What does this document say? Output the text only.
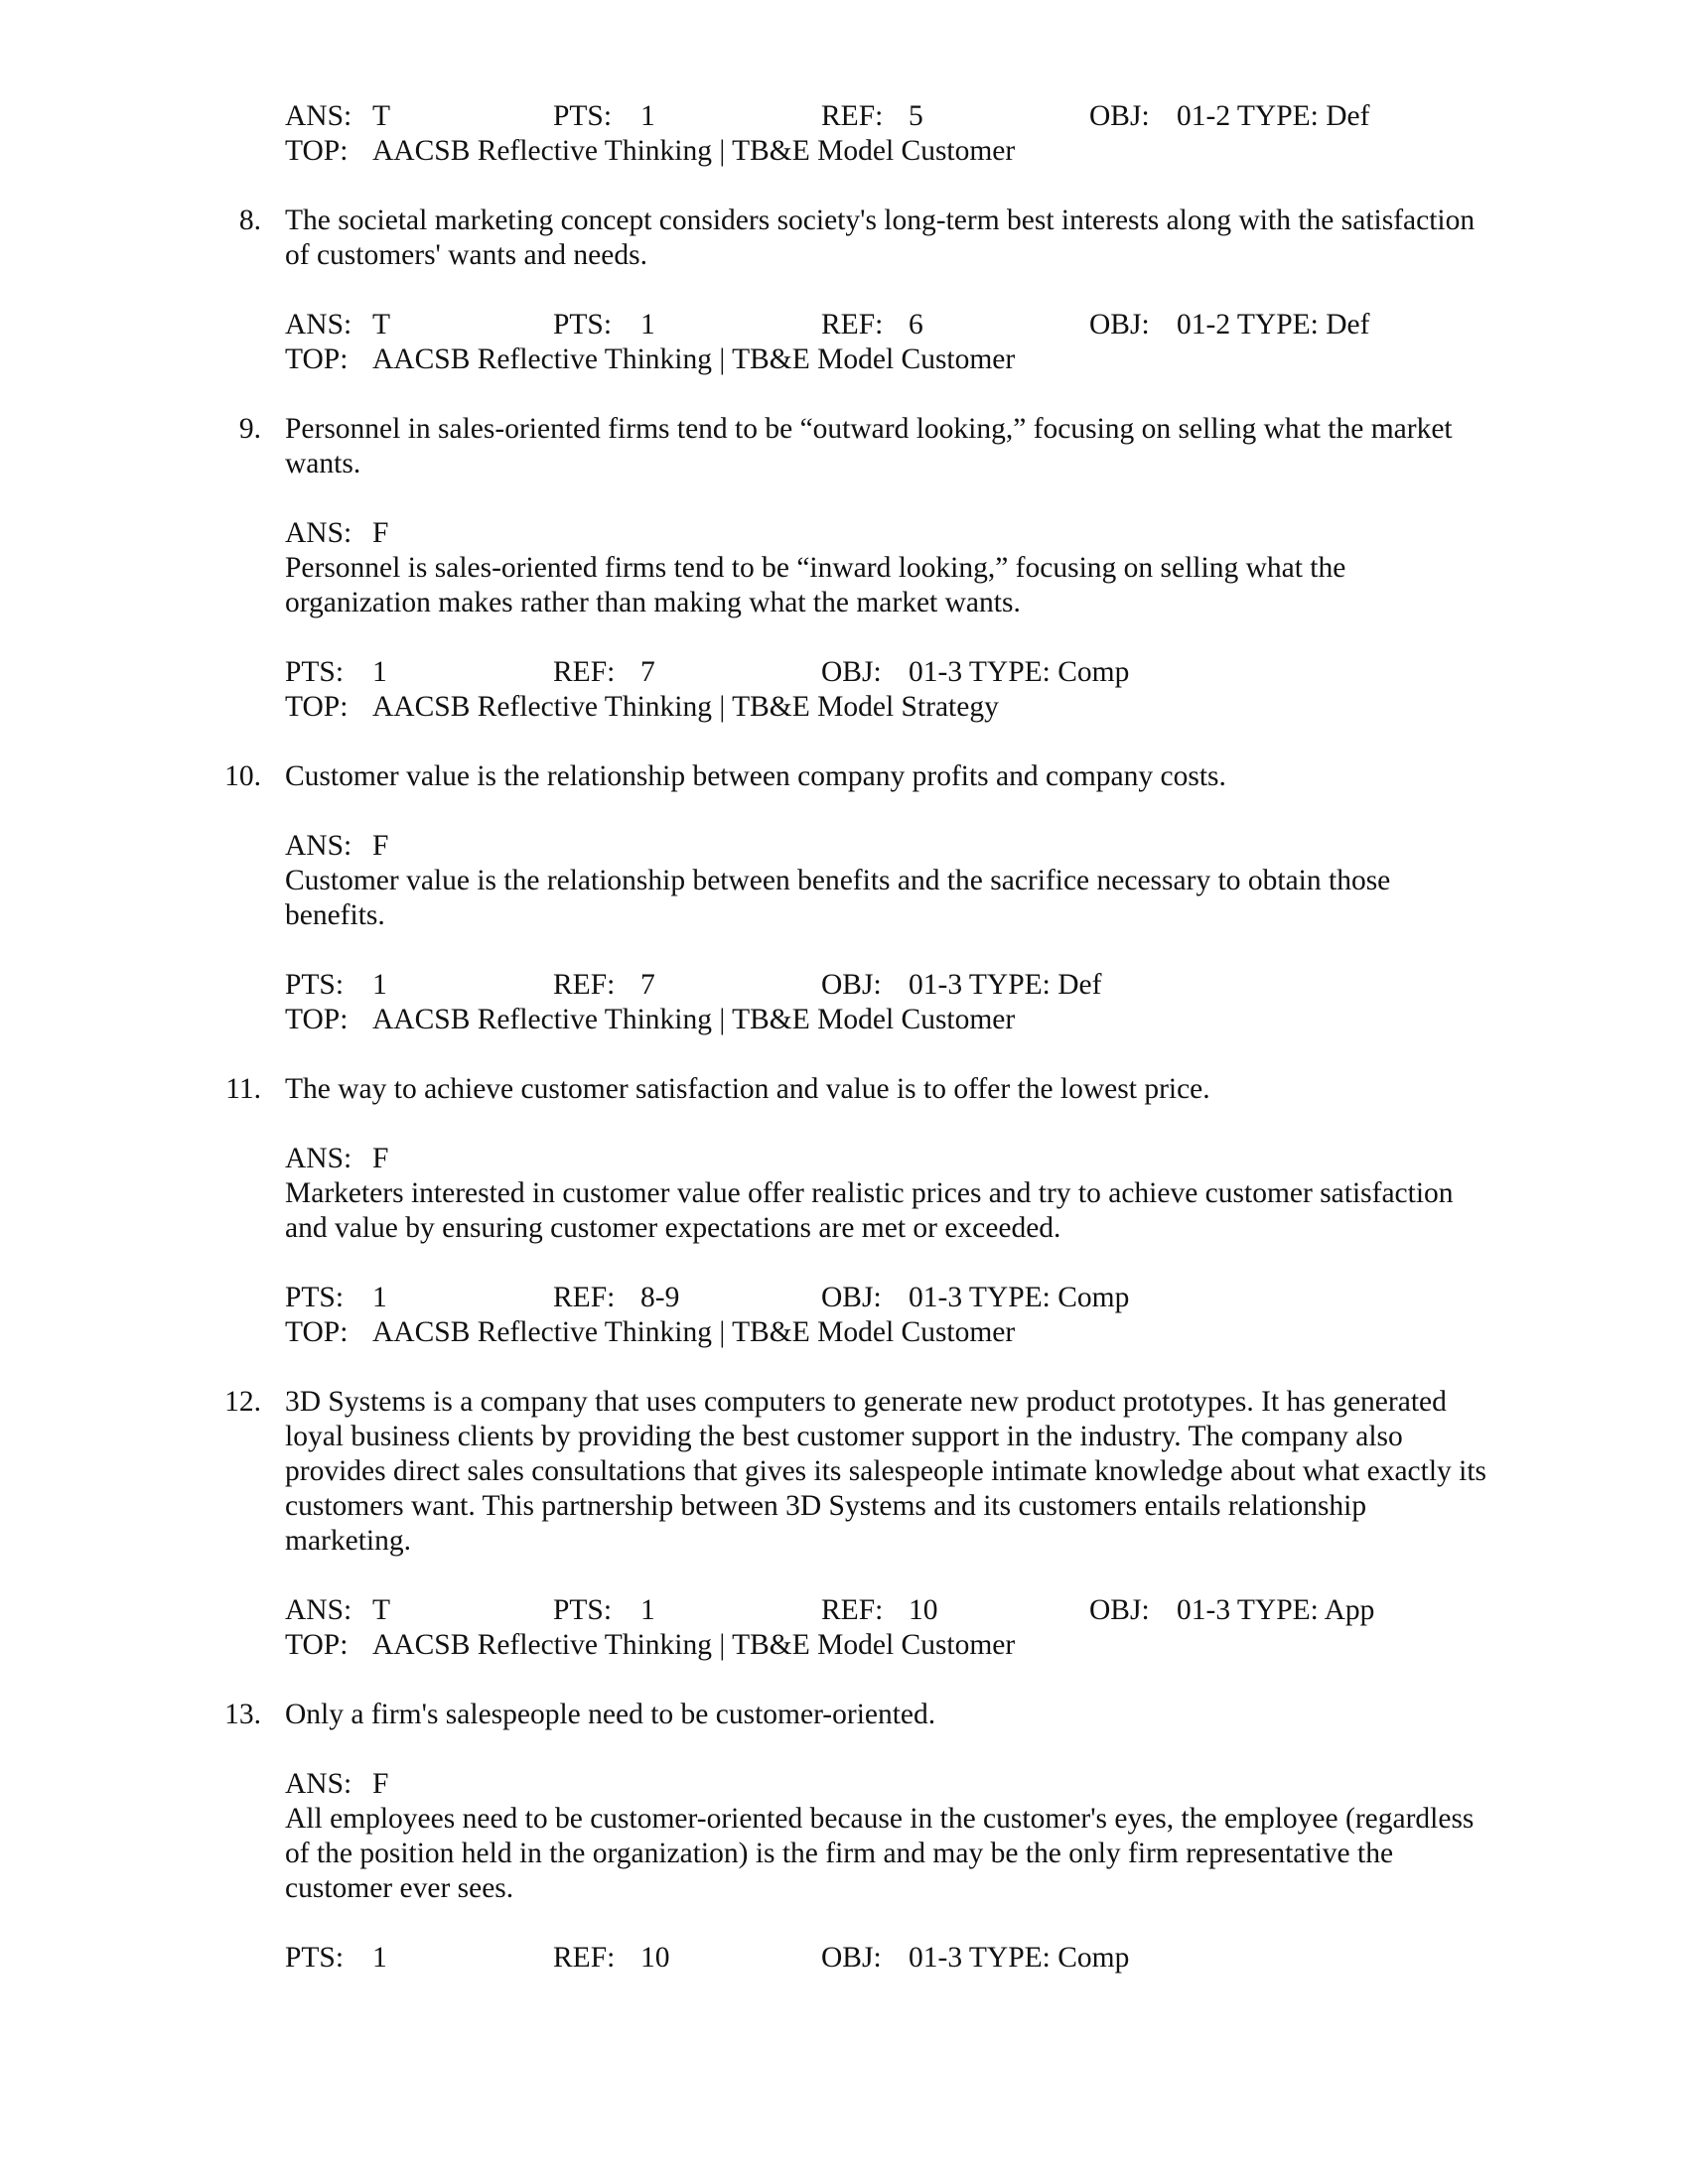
ANS: T	PTS: 1	REF: 5	OBJ: 01-2 TYPE: Def
TOP: AACSB Reflective Thinking | TB&E Model Customer
8. The societal marketing concept considers society's long-term best interests along with the satisfaction
of customers' wants and needs.
ANS: T	PTS: 1	REF: 6	OBJ: 01-2 TYPE: Def
TOP: AACSB Reflective Thinking | TB&E Model Customer
9. Personnel in sales-oriented firms tend to be “outward looking,” focusing on selling what the market
wants.
ANS: F
Personnel is sales-oriented firms tend to be “inward looking,” focusing on selling what the
organization makes rather than making what the market wants.
PTS: 1	REF: 7	OBJ: 01-3 TYPE: Comp
TOP: AACSB Reflective Thinking | TB&E Model Strategy
10. Customer value is the relationship between company profits and company costs.
ANS: F
Customer value is the relationship between benefits and the sacrifice necessary to obtain those
benefits.
PTS: 1	REF: 7	OBJ: 01-3 TYPE: Def
TOP: AACSB Reflective Thinking | TB&E Model Customer
11. The way to achieve customer satisfaction and value is to offer the lowest price.
ANS: F
Marketers interested in customer value offer realistic prices and try to achieve customer satisfaction
and value by ensuring customer expectations are met or exceeded.
PTS: 1	REF: 8-9	OBJ: 01-3 TYPE: Comp
TOP: AACSB Reflective Thinking | TB&E Model Customer
12. 3D Systems is a company that uses computers to generate new product prototypes. It has generated
loyal business clients by providing the best customer support in the industry. The company also
provides direct sales consultations that gives its salespeople intimate knowledge about what exactly its
customers want. This partnership between 3D Systems and its customers entails relationship
marketing.
ANS: T	PTS: 1	REF: 10	OBJ: 01-3 TYPE: App
TOP: AACSB Reflective Thinking | TB&E Model Customer
13. Only a firm's salespeople need to be customer-oriented.
ANS: F
All employees need to be customer-oriented because in the customer's eyes, the employee (regardless
of the position held in the organization) is the firm and may be the only firm representative the
customer ever sees.
PTS: 1	REF: 10	OBJ: 01-3 TYPE: Comp
